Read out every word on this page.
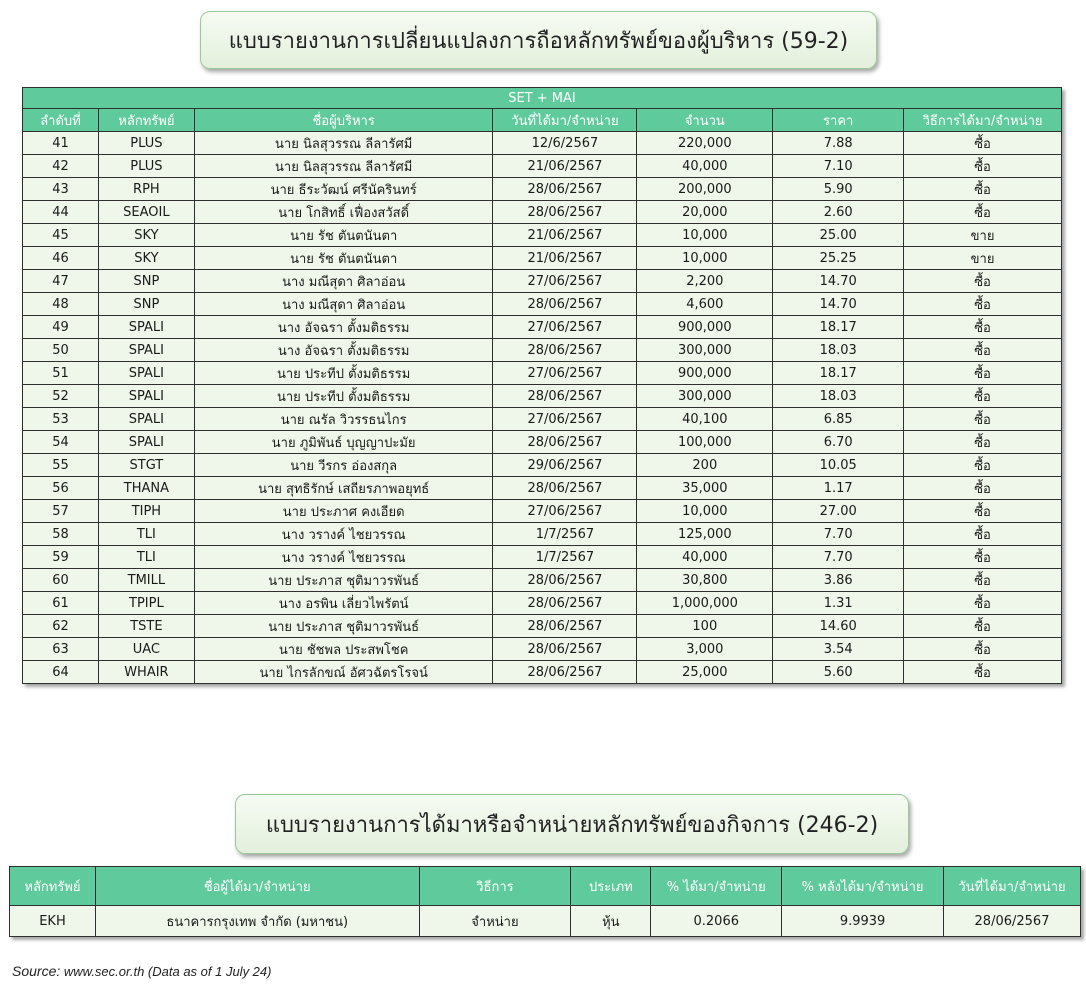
แบบรายงานการเปลี่ยนแปลงการถือหลักทรัพย์ของผู้บริหาร (59-2)
SET + MAI						
ลำดับที่	หลักทรัพย์	ชื่อผู้บริหาร	วันที่ได้มา/จำหน่าย	จำนวน	ราคา	วิธีการได้มา/จำหน่าย
41	PLUS	นาย นิลสุวรรณ ลีลารัศมี	12/6/2567	220,000	7.88	ซื้อ
42	PLUS	นาย นิลสุวรรณ ลีลารัศมี	21/06/2567	40,000	7.10	ซื้อ
43	RPH	นาย ธีระวัฒน์ ศรีนัครินทร์	28/06/2567	200,000	5.90	ซื้อ
44	SEAOIL	นาย โกสิทธิ์ เฟื่องสวัสดิ์	28/06/2567	20,000	2.60	ซื้อ
45	SKY	นาย รัช ตันตนันตา	21/06/2567	10,000	25.00	ขาย
46	SKY	นาย รัช ตันตนันตา	21/06/2567	10,000	25.25	ขาย
47	SNP	นาง มณีสุดา ศิลาอ่อน	27/06/2567	2,200	14.70	ซื้อ
48	SNP	นาง มณีสุดา ศิลาอ่อน	28/06/2567	4,600	14.70	ซื้อ
49	SPALI	นาง อัจฉรา ตั้งมติธรรม	27/06/2567	900,000	18.17	ซื้อ
50	SPALI	นาง อัจฉรา ตั้งมติธรรม	28/06/2567	300,000	18.03	ซื้อ
51	SPALI	นาย ประทีป ตั้งมติธรรม	27/06/2567	900,000	18.17	ซื้อ
52	SPALI	นาย ประทีป ตั้งมติธรรม	28/06/2567	300,000	18.03	ซื้อ
53	SPALI	นาย ณรัล วิวรรธนไกร	27/06/2567	40,100	6.85	ซื้อ
54	SPALI	นาย ภูมิพันธ์ บุญญาปะมัย	28/06/2567	100,000	6.70	ซื้อ
55	STGT	นาย วีรกร อ่องสกุล	29/06/2567	200	10.05	ซื้อ
56	THANA	นาย สุทธิรักษ์ เสถียรภาพอยุทธ์	28/06/2567	35,000	1.17	ซื้อ
57	TIPH	นาย ประภาศ คงเอียด	27/06/2567	10,000	27.00	ซื้อ
58	TLI	นาง วรางค์ ไชยวรรณ	1/7/2567	125,000	7.70	ซื้อ
59	TLI	นาง วรางค์ ไชยวรรณ	1/7/2567	40,000	7.70	ซื้อ
60	TMILL	นาย ประภาส ชุติมาวรพันธ์	28/06/2567	30,800	3.86	ซื้อ
61	TPIPL	นาง อรพิน เลี่ยวไพรัตน์	28/06/2567	1,000,000	1.31	ซื้อ
62	TSTE	นาย ประภาส ชุติมาวรพันธ์	28/06/2567	100	14.60	ซื้อ
63	UAC	นาย ชัชพล ประสพโชค	28/06/2567	3,000	3.54	ซื้อ
64	WHAIR	นาย ไกรลักขณ์ อัศวฉัตรโรจน์	28/06/2567	25,000	5.60	ซื้อ
แบบรายงานการได้มาหรือจำหน่ายหลักทรัพย์ของกิจการ (246-2)
หลักทรัพย์	ชื่อผู้ได้มา/จำหน่าย	วิธีการ	ประเภท	% ได้มา/จำหน่าย	% หลังได้มา/จำหน่าย	วันที่ได้มา/จำหน่าย
EKH	ธนาคารกรุงเทพ จำกัด (มหาชน)	จำหน่าย	หุ้น	0.2066	9.9939	28/06/2567
Source: www.sec.or.th (Data as of 1 July 24)
